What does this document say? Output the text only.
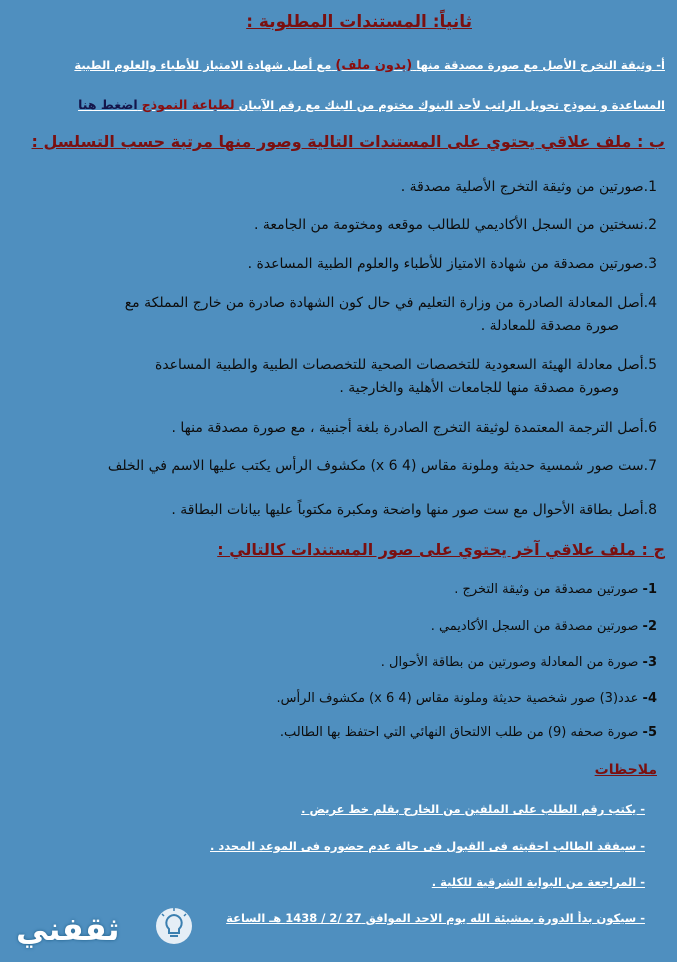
ثانياً: المستندات المطلوبة :
أ- وثيقة التخرج الأصل مع صورة مصدقة منها (بدون ملف) مع أصل شهادة الامتياز للأطباء والعلوم الطبية
المساعدة و نموذج تحويل الراتب لأحد البنوك مختوم من البنك مع رقم الآيبان لطباعة النموذج اضغط هنا
ب : ملف علاقي يحتوي على المستندات التالية وصور منها مرتبة حسب التسلسل :
1.صورتين من وثيقة التخرج الأصلية مصدقة .
2.نسختين من السجل الأكاديمي للطالب موقعه ومختومة من الجامعة .
3.صورتين مصدقة من شهادة الامتياز للأطباء والعلوم الطبية المساعدة .
4.أصل المعادلة الصادرة من وزارة التعليم في حال كون الشهادة صادرة من خارج المملكة مع
صورة مصدقة للمعادلة .
5.أصل معادلة الهيئة السعودية للتخصصات الصحية للتخصصات الطبية والطبية المساعدة
وصورة مصدقة منها للجامعات الأهلية والخارجية .
6.أصل الترجمة المعتمدة لوثيقة التخرج الصادرة بلغة أجنبية ، مع صورة مصدقة منها .
7.ست صور شمسية حديثة وملونة مقاس (4 x 6) مكشوف الرأس يكتب عليها الاسم في الخلف
8.أصل بطاقة الأحوال مع ست صور منها واضحة ومكبرة مكتوباً عليها بيانات البطاقة .
ج : ملف علاقي آخر يحتوي على صور المستندات كالتالي :
1- صورتين مصدقة من وثيقة التخرج .
2- صورتين مصدقة من السجل الأكاديمي .
3- صورة من المعادلة وصورتين من بطاقة الأحوال .
4- عدد(3) صور شخصية حديثة وملونة مقاس (4 x 6) مكشوف الرأس.
5- صورة صحفه (9) من طلب الالتحاق النهائي التي احتفظ بها الطالب.
ملاحظات
- يكتب رقم الطلب على الملفين من الخارج بقلم خط عريض .
- سيفقد الطالب احقيته فى القبول فى حالة عدم حضوره فى الموعد المحدد .
- المراجعة من البوابة الشرقية للكلية .
- سيكون بدأ الدورة بمشيئة الله يوم الاحد الموافق 27 /2 / 1438 هـ الساعة
ثقفني
